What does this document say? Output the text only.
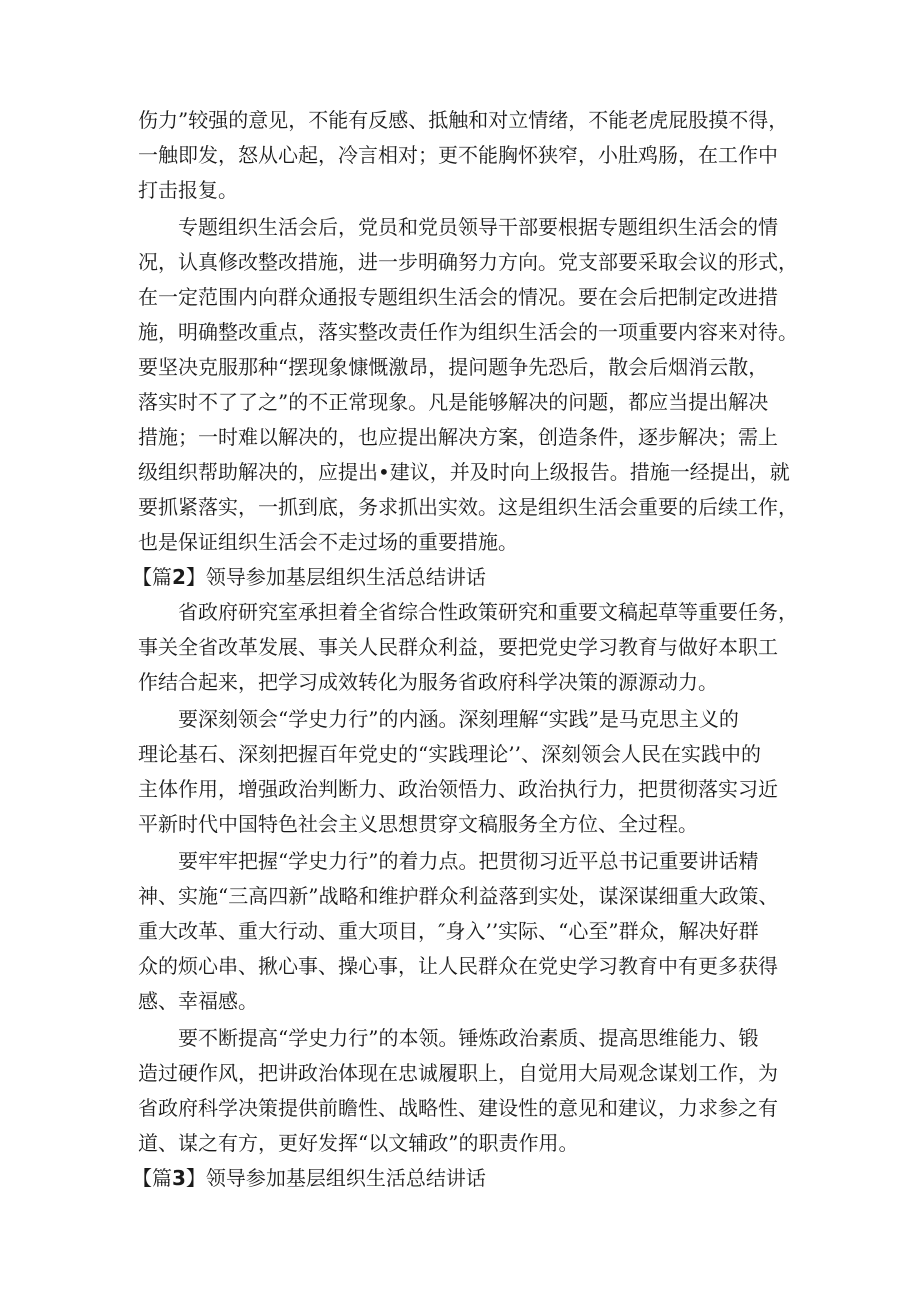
伤力”较强的意见，不能有反感、抵触和对立情绪，不能老虎屁股摸不得，
一触即发，怒从心起，冷言相对；更不能胸怀狭窄，小肚鸡肠，在工作中
打击报复。
　　专题组织生活会后，党员和党员领导干部要根据专题组织生活会的情
况，认真修改整改措施，进一步明确努力方向。党支部要采取会议的形式，
在一定范围内向群众通报专题组织生活会的情况。要在会后把制定改进措
施，明确整改重点，落实整改责任作为组织生活会的一项重要内容来对待。
要坚决克服那种“摆现象慷慨激昂，提问题争先恐后，散会后烟消云散，
落实时不了了之”的不正常现象。凡是能够解决的问题，都应当提出解决
措施；一时难以解决的，也应提出解决方案，创造条件，逐步解决；需上
级组织帮助解决的，应提出•建议，并及时向上级报告。措施一经提出，就
要抓紧落实，一抓到底，务求抓出实效。这是组织生活会重要的后续工作，
也是保证组织生活会不走过场的重要措施。
【篇2】领导参加基层组织生活总结讲话
　　省政府研究室承担着全省综合性政策研究和重要文稿起草等重要任务，
事关全省改革发展、事关人民群众利益，要把党史学习教育与做好本职工
作结合起来，把学习成效转化为服务省政府科学决策的源源动力。
　　要深刻领会“学史力行”的内涵。深刻理解“实践”是马克思主义的
理论基石、深刻把握百年党史的“实践理论’’、深刻领会人民在实践中的
主体作用，增强政治判断力、政治领悟力、政治执行力，把贯彻落实习近
平新时代中国特色社会主义思想贯穿文稿服务全方位、全过程。
　　要牢牢把握“学史力行”的着力点。把贯彻习近平总书记重要讲话精
神、实施“三高四新”战略和维护群众利益落到实处，谋深谋细重大政策、
重大改革、重大行动、重大项目，″身入’’实际、“心至”群众，解决好群
众的烦心串、揪心事、操心事，让人民群众在党史学习教育中有更多获得
感、幸福感。
　　要不断提高“学史力行”的本领。锤炼政治素质、提高思维能力、锻
造过硬作风，把讲政治体现在忠诚履职上，自觉用大局观念谋划工作，为
省政府科学决策提供前瞻性、战略性、建设性的意见和建议，力求参之有
道、谋之有方，更好发挥“以文辅政”的职责作用。
【篇3】领导参加基层组织生活总结讲话
